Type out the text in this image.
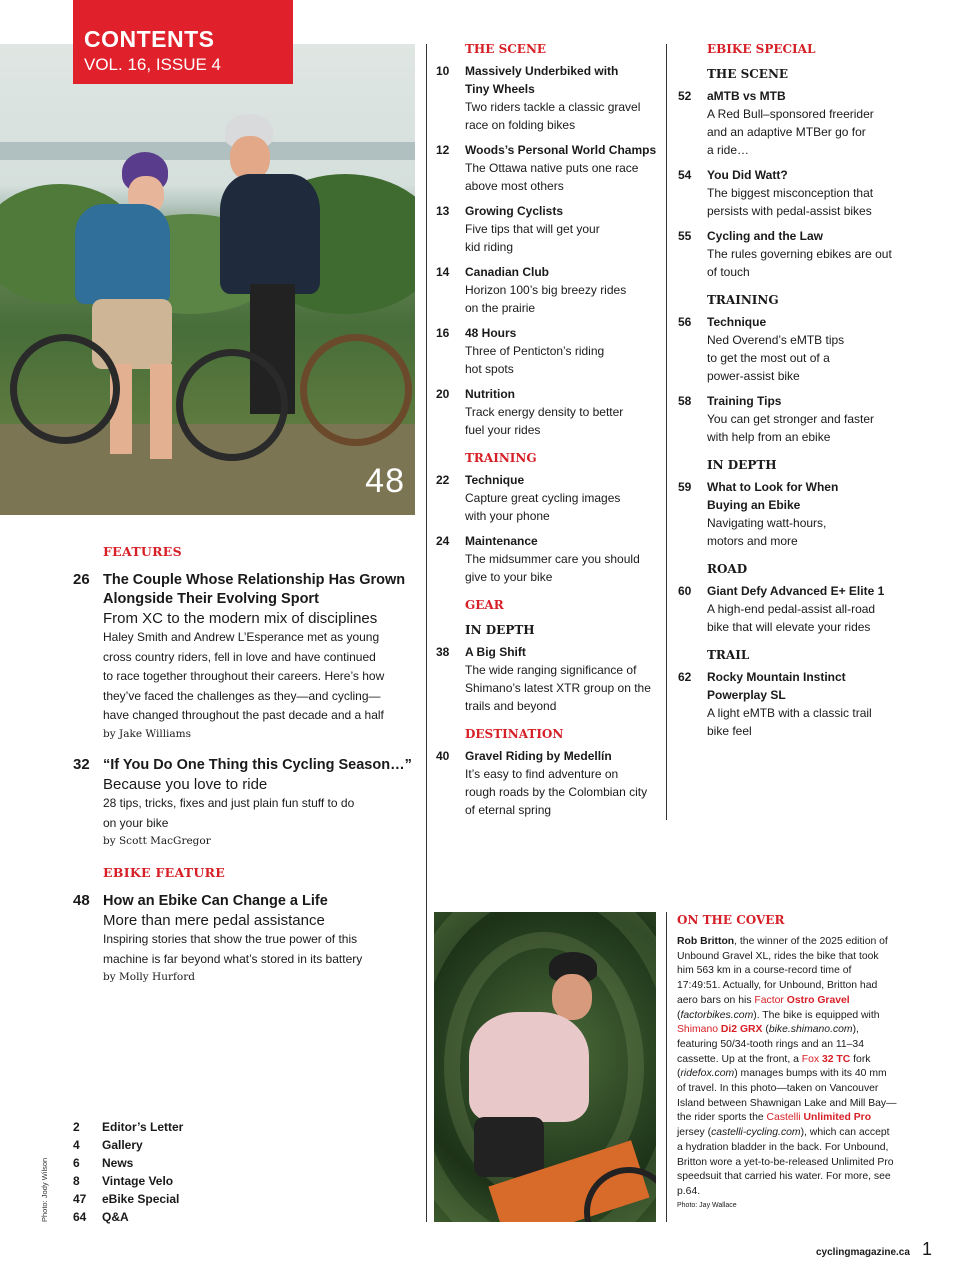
CONTENTS
VOL. 16, ISSUE 4
48
FEATURES
26 The Couple Whose Relationship Has Grown
Alongside Their Evolving Sport
From XC to the modern mix of disciplines
Haley Smith and Andrew L’Esperance met as young
cross country riders, fell in love and have continued
to race together throughout their careers. Here’s how
they’ve faced the challenges as they—and cycling—
have changed throughout the past decade and a half
by Jake Williams
32 “If You Do One Thing this Cycling Season…”
Because you love to ride
28 tips, tricks, fixes and just plain fun stuff to do
on your bike
by Scott MacGregor
EBIKE FEATURE
48 How an Ebike Can Change a Life
More than mere pedal assistance
Inspiring stories that show the true power of this
machine is far beyond what’s stored in its battery
by Molly Hurford
2	Editor’s Letter
4	Gallery
6	News
8	Vintage Velo
47	eBike Special
64	Q&A
Photo: Jody Wilson
THE SCENE
10 Massively Underbiked with
Tiny Wheels
Two riders tackle a classic gravel
race on folding bikes
12 Woods’s Personal World Champs
The Ottawa native puts one race
above most others
13 Growing Cyclists
Five tips that will get your
kid riding
14 Canadian Club
Horizon 100’s big breezy rides
on the prairie
16 48 Hours
Three of Penticton’s riding
hot spots
20 Nutrition
Track energy density to better
fuel your rides
TRAINING
22 Technique
Capture great cycling images
with your phone
24 Maintenance
The midsummer care you should
give to your bike
GEAR
IN DEPTH
38 A Big Shift
The wide ranging significance of
Shimano’s latest XTR group on the
trails and beyond
DESTINATION
40 Gravel Riding by Medellín
It’s easy to find adventure on
rough roads by the Colombian city
of eternal spring
EBIKE SPECIAL
THE SCENE
52 aMTB vs MTB
A Red Bull–sponsored freerider
and an adaptive MTBer go for
a ride…
54 You Did Watt?
The biggest misconception that
persists with pedal-assist bikes
55 Cycling and the Law
The rules governing ebikes are out
of touch
TRAINING
56 Technique
Ned Overend’s eMTB tips
to get the most out of a
power-assist bike
58 Training Tips
You can get stronger and faster
with help from an ebike
IN DEPTH
59 What to Look for When
Buying an Ebike
Navigating watt-hours,
motors and more
ROAD
60 Giant Defy Advanced E+ Elite 1
A high-end pedal-assist all-road
bike that will elevate your rides
TRAIL
62 Rocky Mountain Instinct
Powerplay SL
A light eMTB with a classic trail
bike feel
ON THE COVER
Rob Britton, the winner of the 2025 edition of Unbound Gravel XL, rides the bike that took him 563 km in a course-record time of 17:49:51. Actually, for Unbound, Britton had aero bars on his Factor Ostro Gravel (factorbikes.com). The bike is equipped with Shimano Di2 GRX (bike.shimano.com), featuring 50/34-tooth rings and an 11–34 cassette. Up at the front, a Fox 32 TC fork (ridefox.com) manages bumps with its 40 mm of travel. In this photo—taken on Vancouver Island between Shawnigan Lake and Mill Bay—the rider sports the Castelli Unlimited Pro jersey (castelli-cycling.com), which can accept a hydration bladder in the back. For Unbound, Britton wore a yet-to-be-released Unlimited Pro speedsuit that carried his water. For more, see p.64.
Photo: Jay Wallace
cyclingmagazine.ca 1
